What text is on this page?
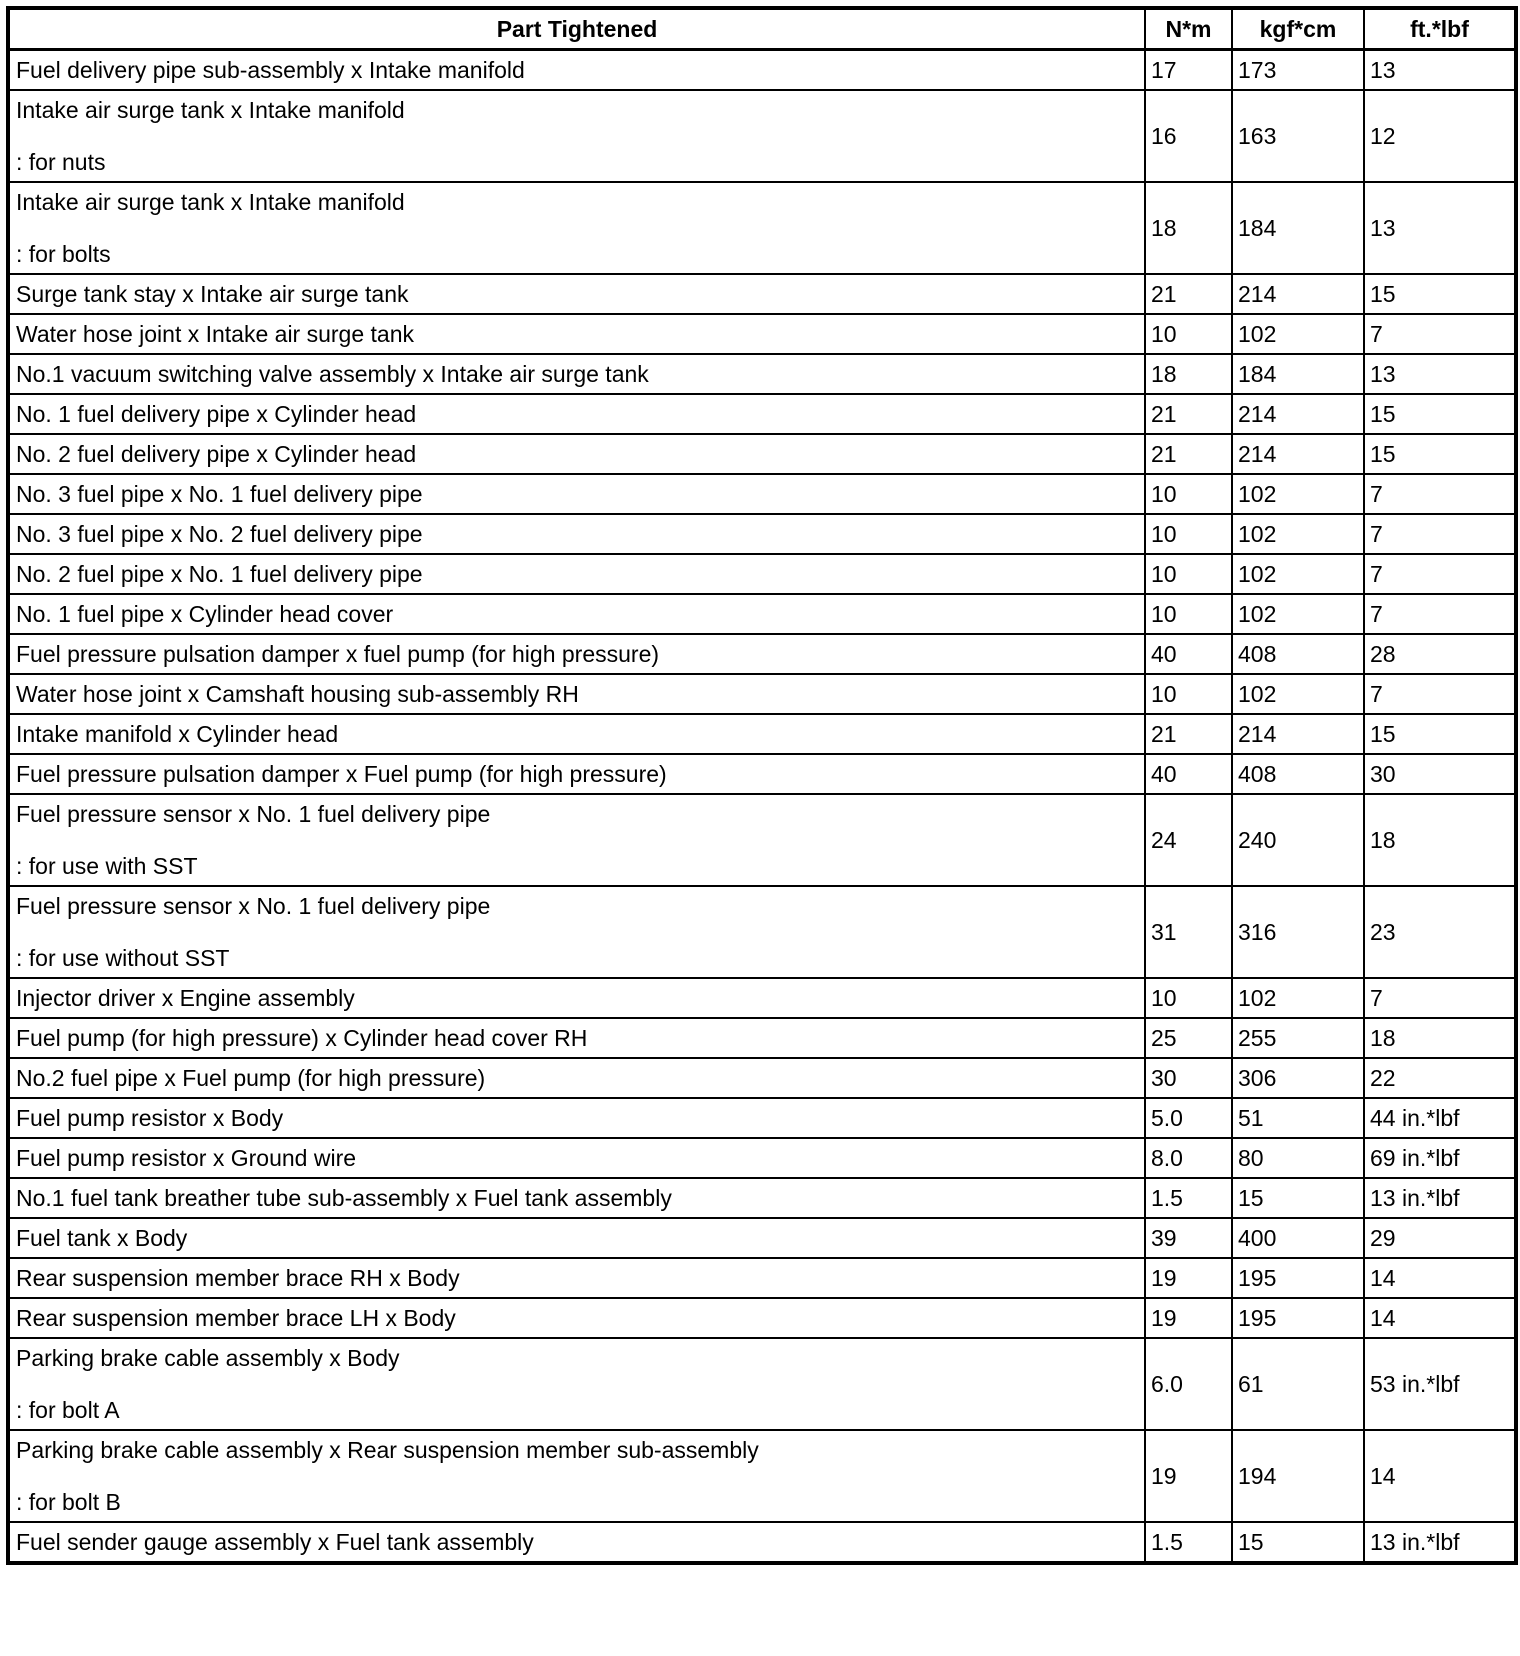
Part Tightened	N*m	kgf*cm	ft.*lbf

Fuel delivery pipe sub-assembly x Intake manifold	17	173	13

Intake air surge tank x Intake manifold
: for nuts	16	163	12

Intake air surge tank x Intake manifold
: for bolts	18	184	13

Surge tank stay x Intake air surge tank	21	214	15

Water hose joint x Intake air surge tank	10	102	7

No.1 vacuum switching valve assembly x Intake air surge tank	18	184	13

No. 1 fuel delivery pipe x Cylinder head	21	214	15

No. 2 fuel delivery pipe x Cylinder head	21	214	15

No. 3 fuel pipe x No. 1 fuel delivery pipe	10	102	7

No. 3 fuel pipe x No. 2 fuel delivery pipe	10	102	7

No. 2 fuel pipe x No. 1 fuel delivery pipe	10	102	7

No. 1 fuel pipe x Cylinder head cover	10	102	7

Fuel pressure pulsation damper x fuel pump (for high pressure)	40	408	28

Water hose joint x Camshaft housing sub-assembly RH	10	102	7

Intake manifold x Cylinder head	21	214	15

Fuel pressure pulsation damper x Fuel pump (for high pressure)	40	408	30

Fuel pressure sensor x No. 1 fuel delivery pipe
: for use with SST	24	240	18

Fuel pressure sensor x No. 1 fuel delivery pipe
: for use without SST	31	316	23

Injector driver x Engine assembly	10	102	7

Fuel pump (for high pressure) x Cylinder head cover RH	25	255	18

No.2 fuel pipe x Fuel pump (for high pressure)	30	306	22

Fuel pump resistor x Body	5.0	51	44 in.*lbf

Fuel pump resistor x Ground wire	8.0	80	69 in.*lbf

No.1 fuel tank breather tube sub-assembly x Fuel tank assembly	1.5	15	13 in.*lbf

Fuel tank x Body	39	400	29

Rear suspension member brace RH x Body	19	195	14

Rear suspension member brace LH x Body	19	195	14

Parking brake cable assembly x Body
: for bolt A	6.0	61	53 in.*lbf

Parking brake cable assembly x Rear suspension member sub-assembly
: for bolt B	19	194	14

Fuel sender gauge assembly x Fuel tank assembly	1.5	15	13 in.*lbf
